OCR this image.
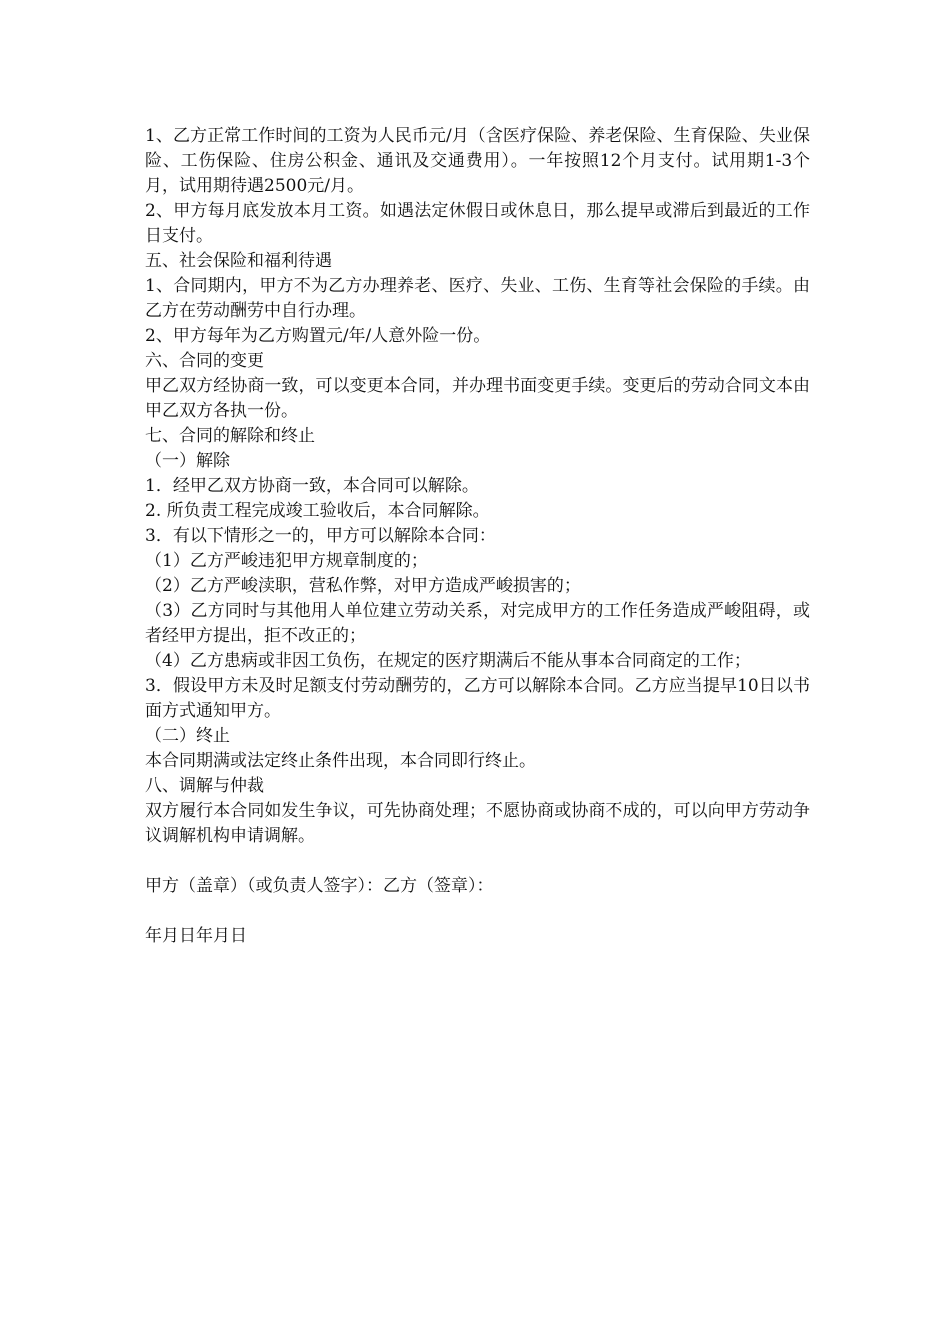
1、乙方正常工作时间的工资为人民币元/月（含医疗保险、养老保险、生育保险、失业保险、工伤保险、住房公积金、通讯及交通费用）。一年按照12个月支付。试用期1-3个月，试用期待遇2500元/月。

2、甲方每月底发放本月工资。如遇法定休假日或休息日，那么提早或滞后到最近的工作日支付。

五、社会保险和福利待遇

1、合同期内，甲方不为乙方办理养老、医疗、失业、工伤、生育等社会保险的手续。由乙方在劳动酬劳中自行办理。

2、甲方每年为乙方购置元/年/人意外险一份。

六、合同的变更

甲乙双方经协商一致，可以变更本合同，并办理书面变更手续。变更后的劳动合同文本由甲乙双方各执一份。

七、合同的解除和终止

（一）解除

1．经甲乙双方协商一致，本合同可以解除。

2. 所负责工程完成竣工验收后，本合同解除。

3．有以下情形之一的，甲方可以解除本合同：

（1）乙方严峻违犯甲方规章制度的；

（2）乙方严峻渎职，营私作弊，对甲方造成严峻损害的；

（3）乙方同时与其他用人单位建立劳动关系，对完成甲方的工作任务造成严峻阻碍，或者经甲方提出，拒不改正的；

（4）乙方患病或非因工负伤，在规定的医疗期满后不能从事本合同商定的工作；

3．假设甲方未及时足额支付劳动酬劳的，乙方可以解除本合同。乙方应当提早10日以书面方式通知甲方。

（二）终止

本合同期满或法定终止条件出现，本合同即行终止。

八、调解与仲裁

双方履行本合同如发生争议，可先协商处理；不愿协商或协商不成的，可以向甲方劳动争议调解机构申请调解。

甲方（盖章）（或负责人签字）：乙方（签章）：

年月日年月日
